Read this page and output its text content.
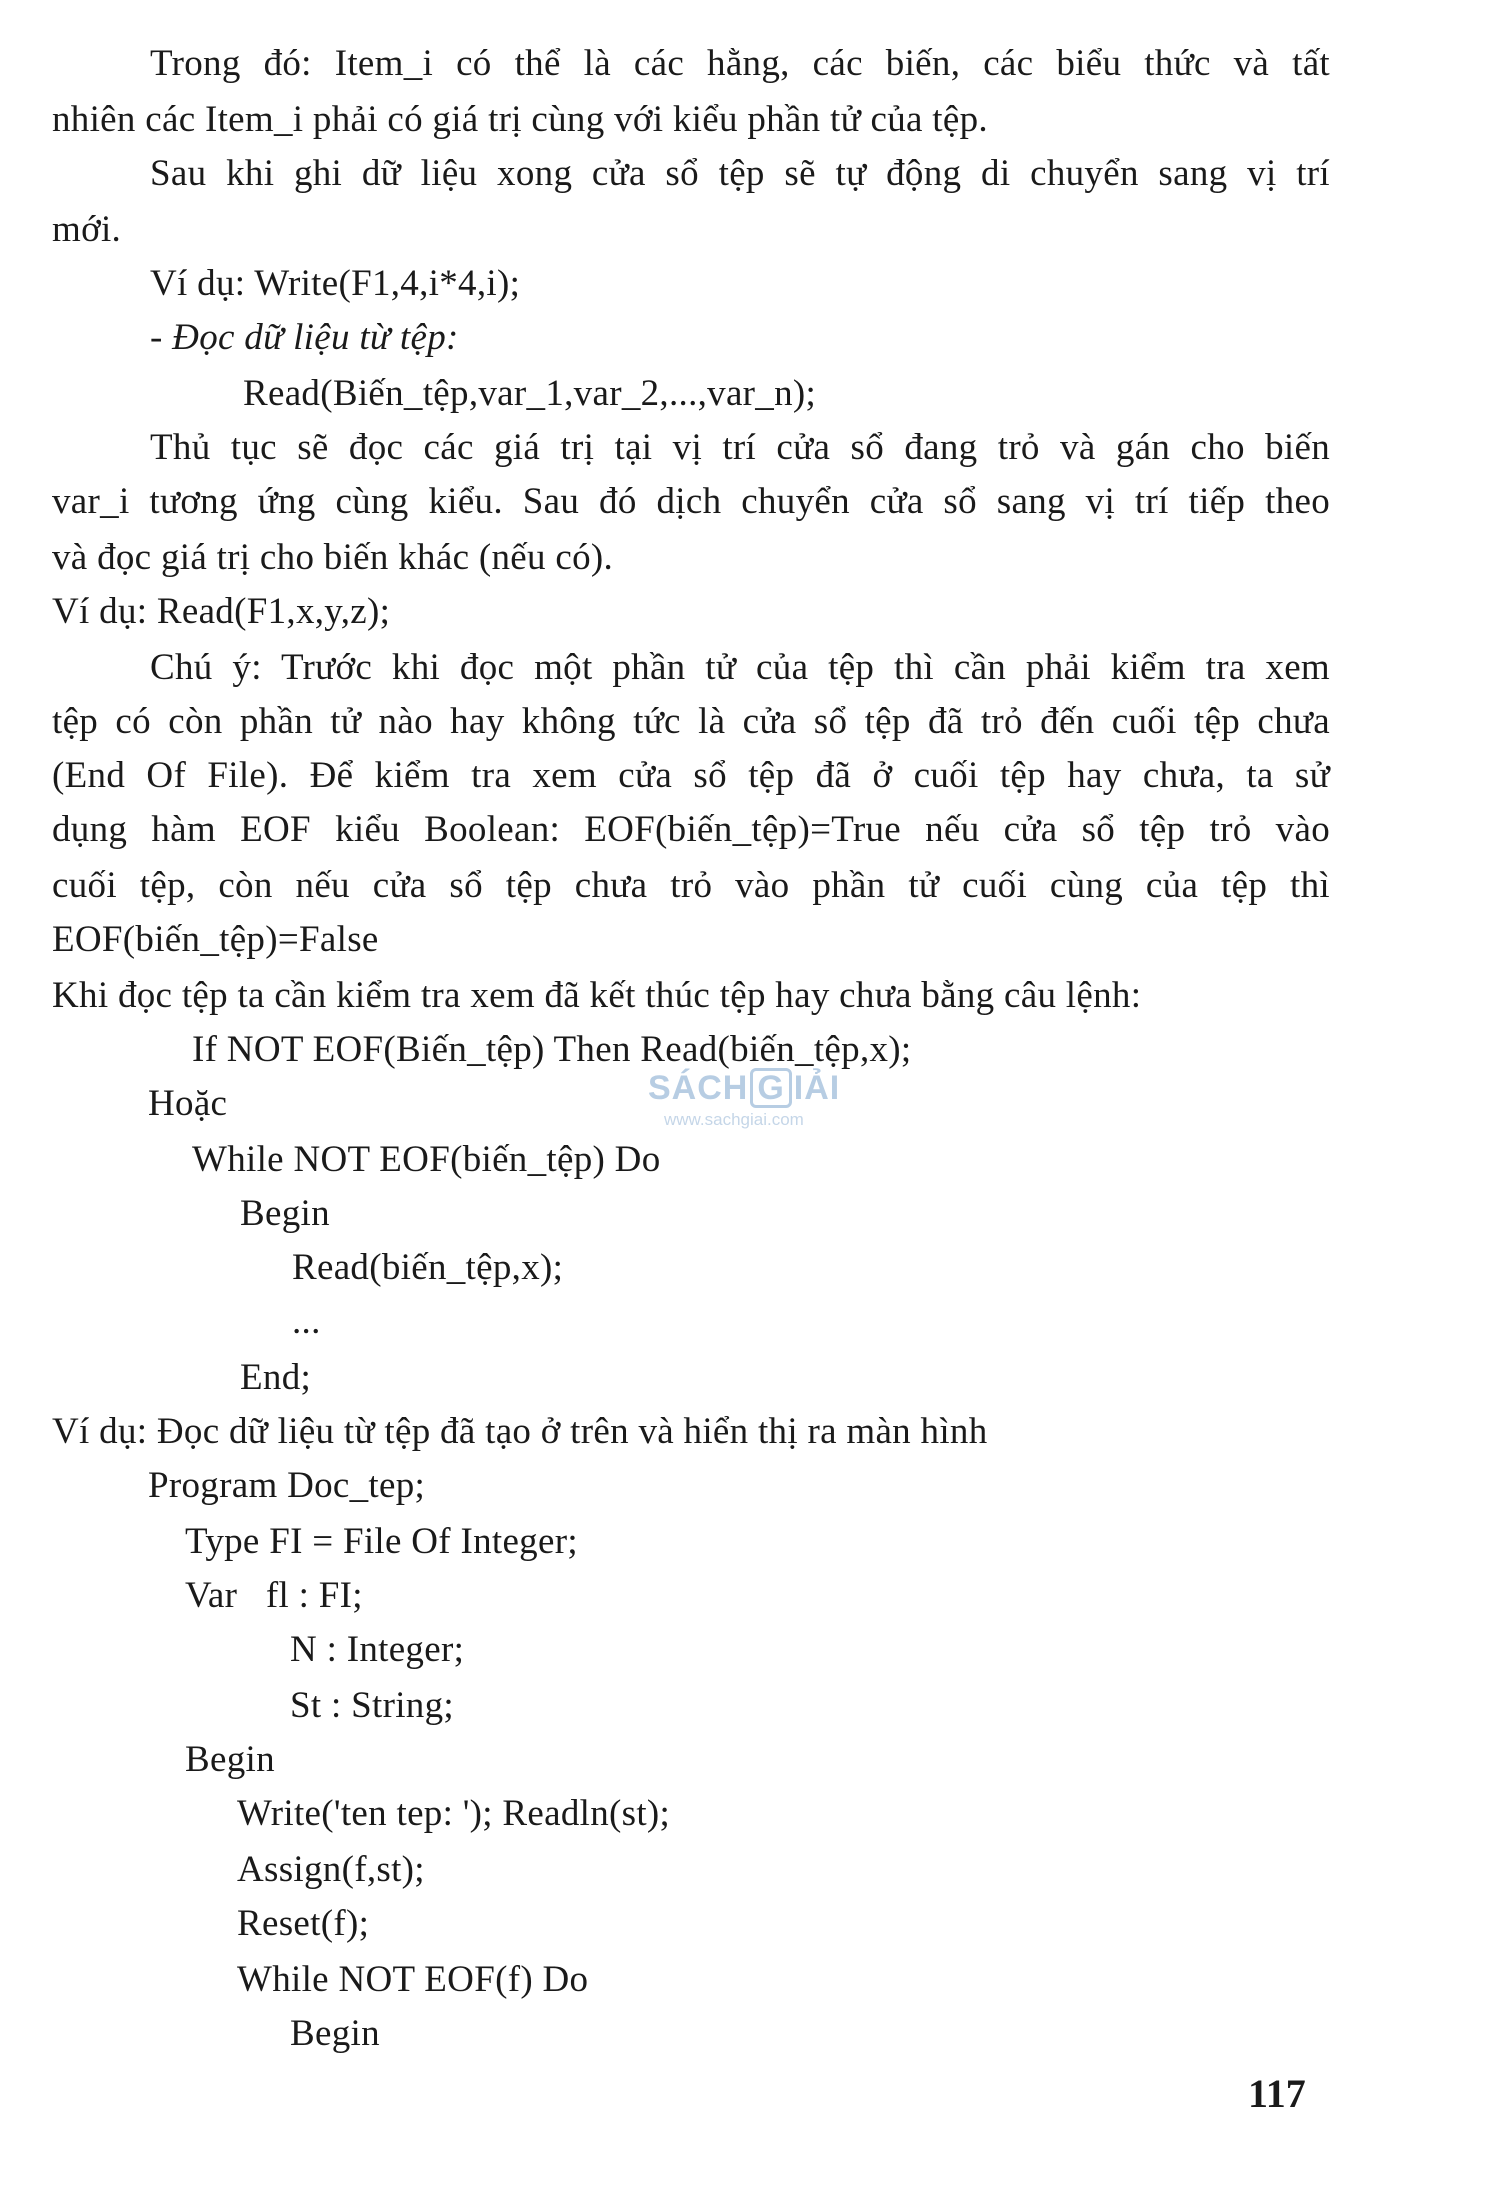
Trong đó: Item_i có thể là các hằng, các biến, các biểu thức và tất
nhiên các Item_i phải có giá trị cùng với kiểu phần tử của tệp.
Sau khi ghi dữ liệu xong cửa sổ tệp sẽ tự động di chuyển sang vị trí
mới.
Ví dụ: Write(F1,4,i*4,i);
- Đọc dữ liệu từ tệp:
Read(Biến_tệp,var_1,var_2,...,var_n);
Thủ tục sẽ đọc các giá trị tại vị trí cửa sổ đang trỏ và gán cho biến
var_i tương ứng cùng kiểu. Sau đó dịch chuyển cửa sổ sang vị trí tiếp theo
và đọc giá trị cho biến khác (nếu có).
Ví dụ: Read(F1,x,y,z);
Chú ý: Trước khi đọc một phần tử của tệp thì cần phải kiểm tra xem
tệp có còn phần tử nào hay không tức là cửa sổ tệp đã trỏ đến cuối tệp chưa
(End Of File). Để kiểm tra xem cửa sổ tệp đã ở cuối tệp hay chưa, ta sử
dụng hàm EOF kiểu Boolean: EOF(biến_tệp)=True nếu cửa sổ tệp trỏ vào
cuối tệp, còn nếu cửa sổ tệp chưa trỏ vào phần tử cuối cùng của tệp thì
EOF(biến_tệp)=False
Khi đọc tệp ta cần kiểm tra xem đã kết thúc tệp hay chưa bằng câu lệnh:
If NOT EOF(Biến_tệp) Then Read(biến_tệp,x);
Hoặc
While NOT EOF(biến_tệp) Do
Begin
Read(biến_tệp,x);
...
End;
Ví dụ: Đọc dữ liệu từ tệp đã tạo ở trên và hiển thị ra màn hình
Program Doc_tep;
Type FI = File Of Integer;
Var   fl : FI;
N : Integer;
St : String;
Begin
Write('ten tep: '); Readln(st);
Assign(f,st);
Reset(f);
While NOT EOF(f) Do
Begin
117
SÁCH G IẢI
www.sachgiai.com
